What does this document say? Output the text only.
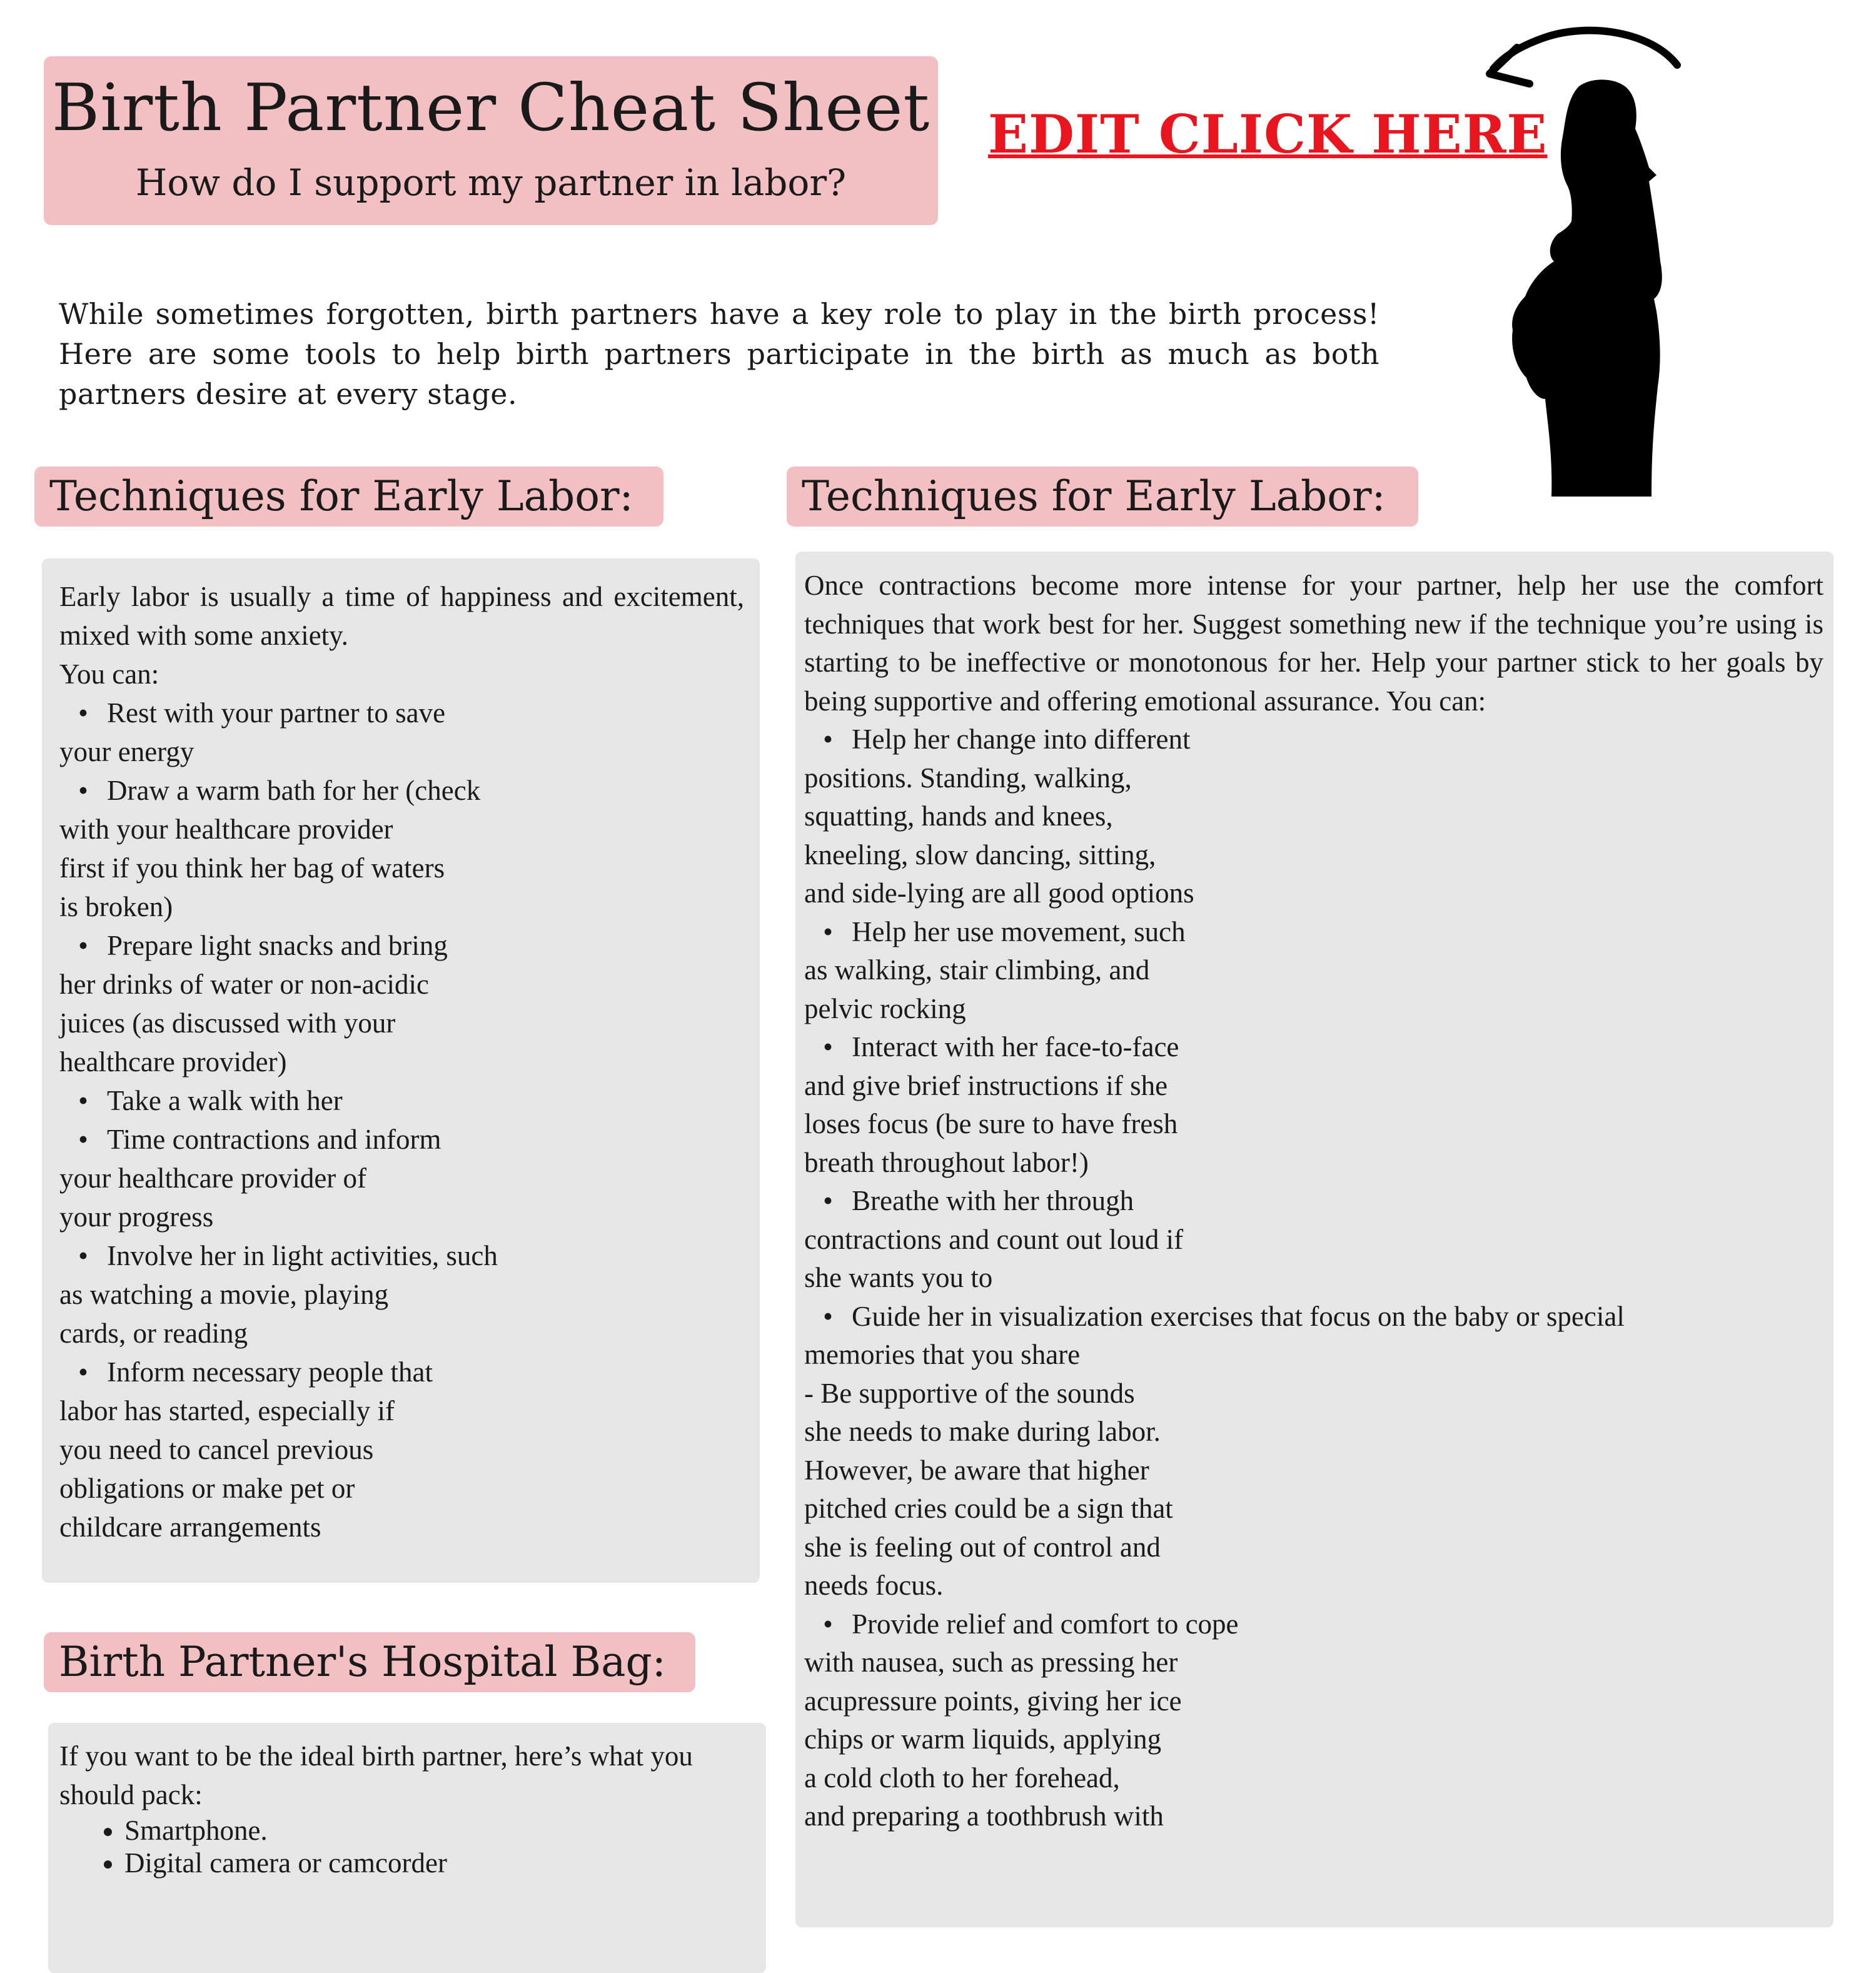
Birth Partner Cheat Sheet
How do I support my partner in labor?
EDIT CLICK HERE
While sometimes forgotten, birth partners have a key role to play in the birth process! Here are some tools to help birth partners participate in the birth as much as both partners desire at every stage.
Techniques for Early Labor:	Techniques for Early Labor:
Early labor is usually a time of happiness and excitement, mixed with some anxiety.
You can:
• Rest with your partner to save
your energy
• Draw a warm bath for her (check
with your healthcare provider
first if you think her bag of waters
is broken)
• Prepare light snacks and bring
her drinks of water or non-acidic
juices (as discussed with your
healthcare provider)
• Take a walk with her
• Time contractions and inform
your healthcare provider of
your progress
• Involve her in light activities, such
as watching a movie, playing
cards, or reading
• Inform necessary people that
labor has started, especially if
you need to cancel previous
obligations or make pet or
childcare arrangements
Once contractions become more intense for your partner, help her use the comfort techniques that work best for her. Suggest something new if the technique you’re using is starting to be ineffective or monotonous for her. Help your partner stick to her goals by being supportive and offering emotional assurance. You can:
• Help her change into different
positions. Standing, walking,
squatting, hands and knees,
kneeling, slow dancing, sitting,
and side-lying are all good options
• Help her use movement, such
as walking, stair climbing, and
pelvic rocking
• Interact with her face-to-face
and give brief instructions if she
loses focus (be sure to have fresh
breath throughout labor!)
• Breathe with her through
contractions and count out loud if
she wants you to
• Guide her in visualization exercises that focus on the baby or special
memories that you share
- Be supportive of the sounds
she needs to make during labor.
However, be aware that higher
pitched cries could be a sign that
she is feeling out of control and
needs focus.
• Provide relief and comfort to cope
with nausea, such as pressing her
acupressure points, giving her ice
chips or warm liquids, applying
a cold cloth to her forehead,
and preparing a toothbrush with
Birth Partner's Hospital Bag:
If you want to be the ideal birth partner, here’s what you should pack:
• Smartphone.
• Digital camera or camcorder
